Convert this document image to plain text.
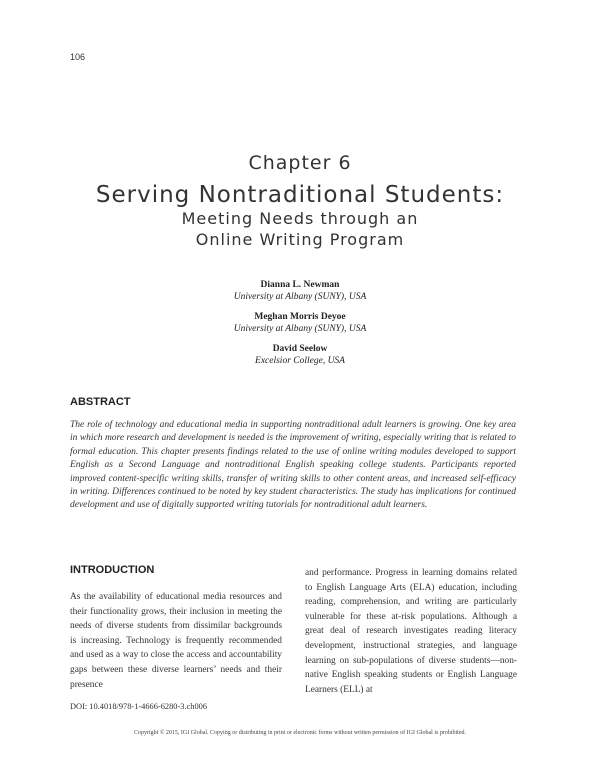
106
Chapter 6
Serving Nontraditional Students:
Meeting Needs through an
Online Writing Program
Dianna L. Newman
University at Albany (SUNY), USA
Meghan Morris Deyoe
University at Albany (SUNY), USA
David Seelow
Excelsior College, USA
ABSTRACT
The role of technology and educational media in supporting nontraditional adult learners is growing. One key area in which more research and development is needed is the improvement of writing, especially writing that is related to formal education. This chapter presents findings related to the use of online writing modules developed to support English as a Second Language and nontraditional English speaking college students. Participants reported improved content-specific writing skills, transfer of writing skills to other content areas, and increased self-efficacy in writing. Differences continued to be noted by key student characteristics. The study has implications for continued development and use of digitally supported writing tutorials for nontraditional adult learners.
INTRODUCTION
As the availability of educational media resources and their functionality grows, their inclusion in meeting the needs of diverse students from dissimilar backgrounds is increasing. Technology is frequently recommended and used as a way to close the access and accountability gaps between these diverse learners’ needs and their presence
and performance. Progress in learning domains related to English Language Arts (ELA) education, including reading, comprehension, and writing are particularly vulnerable for these at-risk populations. Although a great deal of research investigates reading literacy development, instructional strategies, and language learning on sub-populations of diverse students—non-native English speaking students or English Language Learners (ELL) at
DOI: 10.4018/978-1-4666-6280-3.ch006
Copyright © 2015, IGI Global. Copying or distributing in print or electronic forms without written permission of IGI Global is prohibited.
